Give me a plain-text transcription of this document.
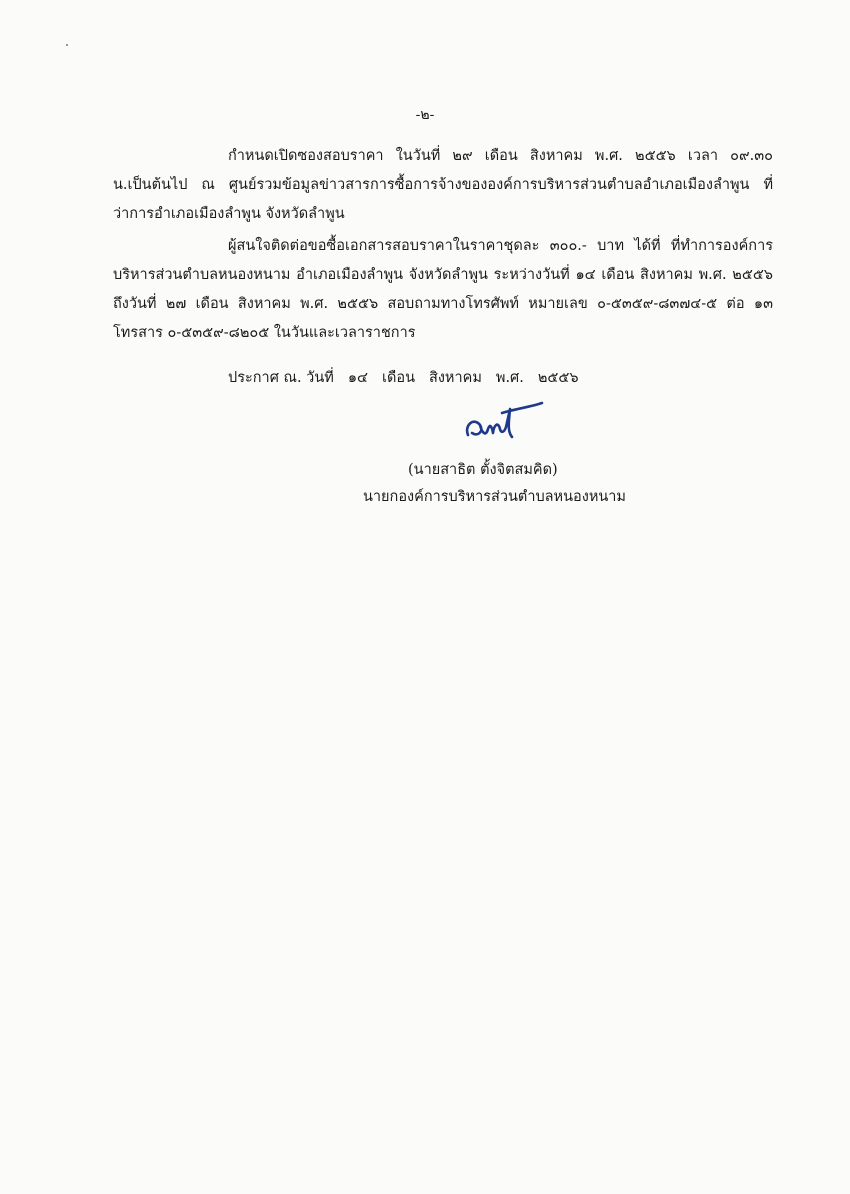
-๒-
กำหนดเปิดซองสอบราคา ในวันที่ ๒๙ เดือน สิงหาคม พ.ศ. ๒๕๕๖ เวลา ๐๙.๓๐ น.เป็นต้นไป ณ ศูนย์รวมข้อมูลข่าวสารการซื้อการจ้างขององค์การบริหารส่วนตำบลอำเภอเมืองลำพูน ที่ว่าการอำเภอเมืองลำพูน จังหวัดลำพูน
ผู้สนใจติดต่อขอซื้อเอกสารสอบราคาในราคาชุดละ ๓๐๐.- บาท ได้ที่ ที่ทำการองค์การบริหารส่วนตำบลหนองหนาม อำเภอเมืองลำพูน จังหวัดลำพูน ระหว่างวันที่ ๑๔ เดือน สิงหาคม พ.ศ. ๒๕๕๖ ถึงวันที่ ๒๗ เดือน สิงหาคม พ.ศ. ๒๕๕๖ สอบถามทางโทรศัพท์ หมายเลข ๐-๕๓๕๙-๘๓๗๔-๕ ต่อ ๑๓ โทรสาร ๐-๕๓๕๙-๘๒๐๕ ในวันและเวลาราชการ
ประกาศ ณ. วันที่ ๑๔ เดือน สิงหาคม พ.ศ. ๒๕๕๖
(นายสาธิต ตั้งจิตสมคิด)
นายกองค์การบริหารส่วนตำบลหนองหนาม
